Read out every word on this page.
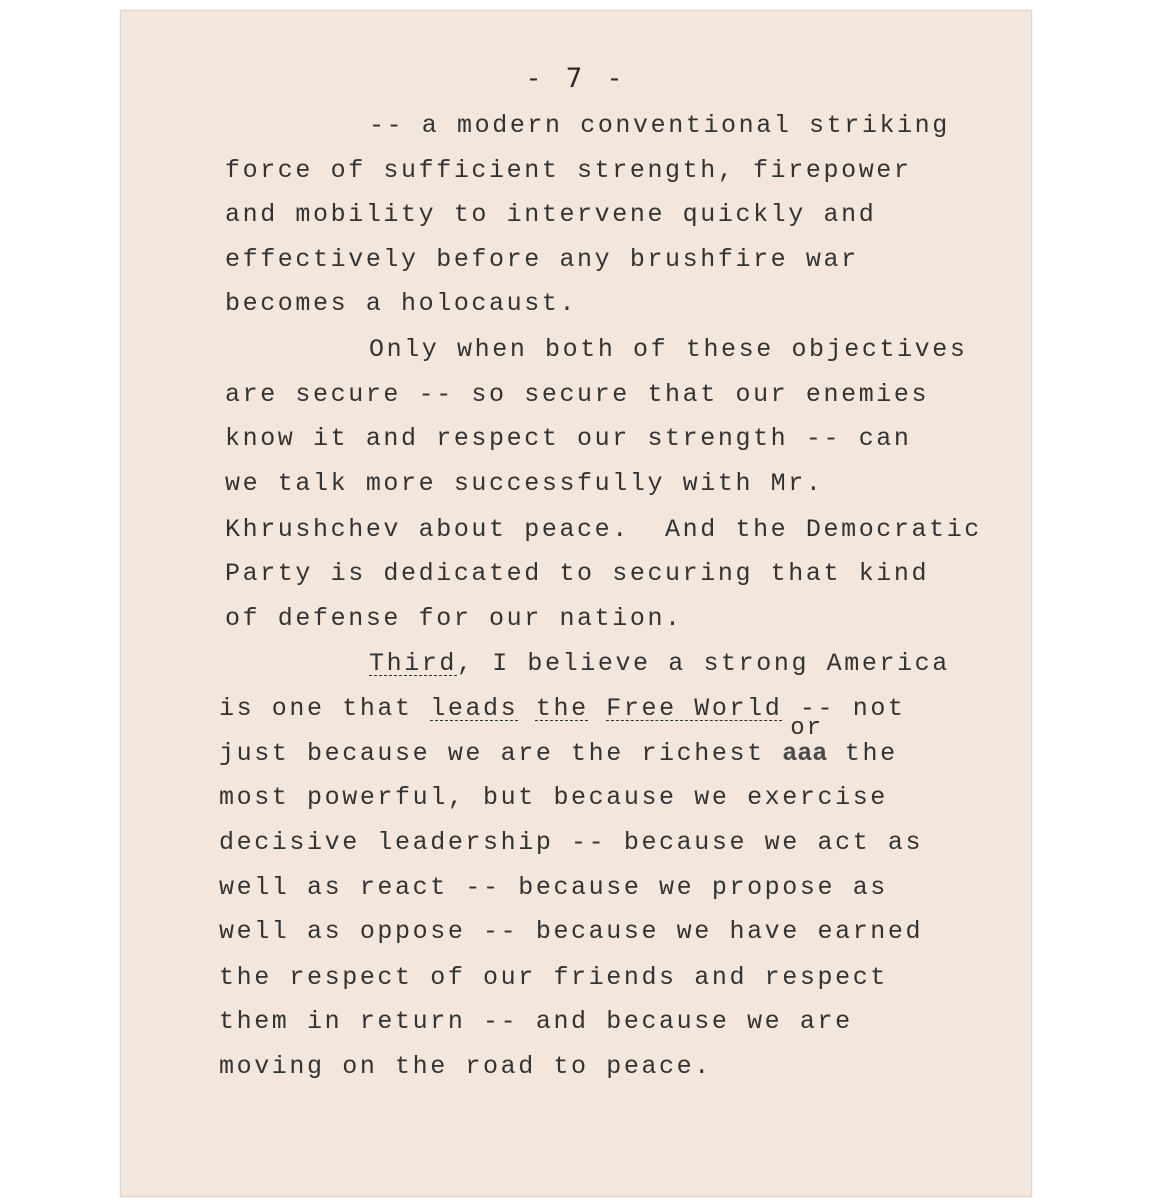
- 7 -
-- a modern conventional striking
force of sufficient strength, firepower
and mobility to intervene quickly and
effectively before any brushfire war
becomes a holocaust.
Only when both of these objectives
are secure -- so secure that our enemies
know it and respect our strength -- can
we talk more successfully with Mr.
Khrushchev about peace.  And the Democratic
Party is dedicated to securing that kind
of defense for our nation.
Third, I believe a strong America
is one that leads the Free World -- not
just because we are the richest
or
aaa the
most powerful, but because we exercise
decisive leadership -- because we act as
well as react -- because we propose as
well as oppose -- because we have earned
the respect of our friends and respect
them in return -- and because we are
moving on the road to peace.
